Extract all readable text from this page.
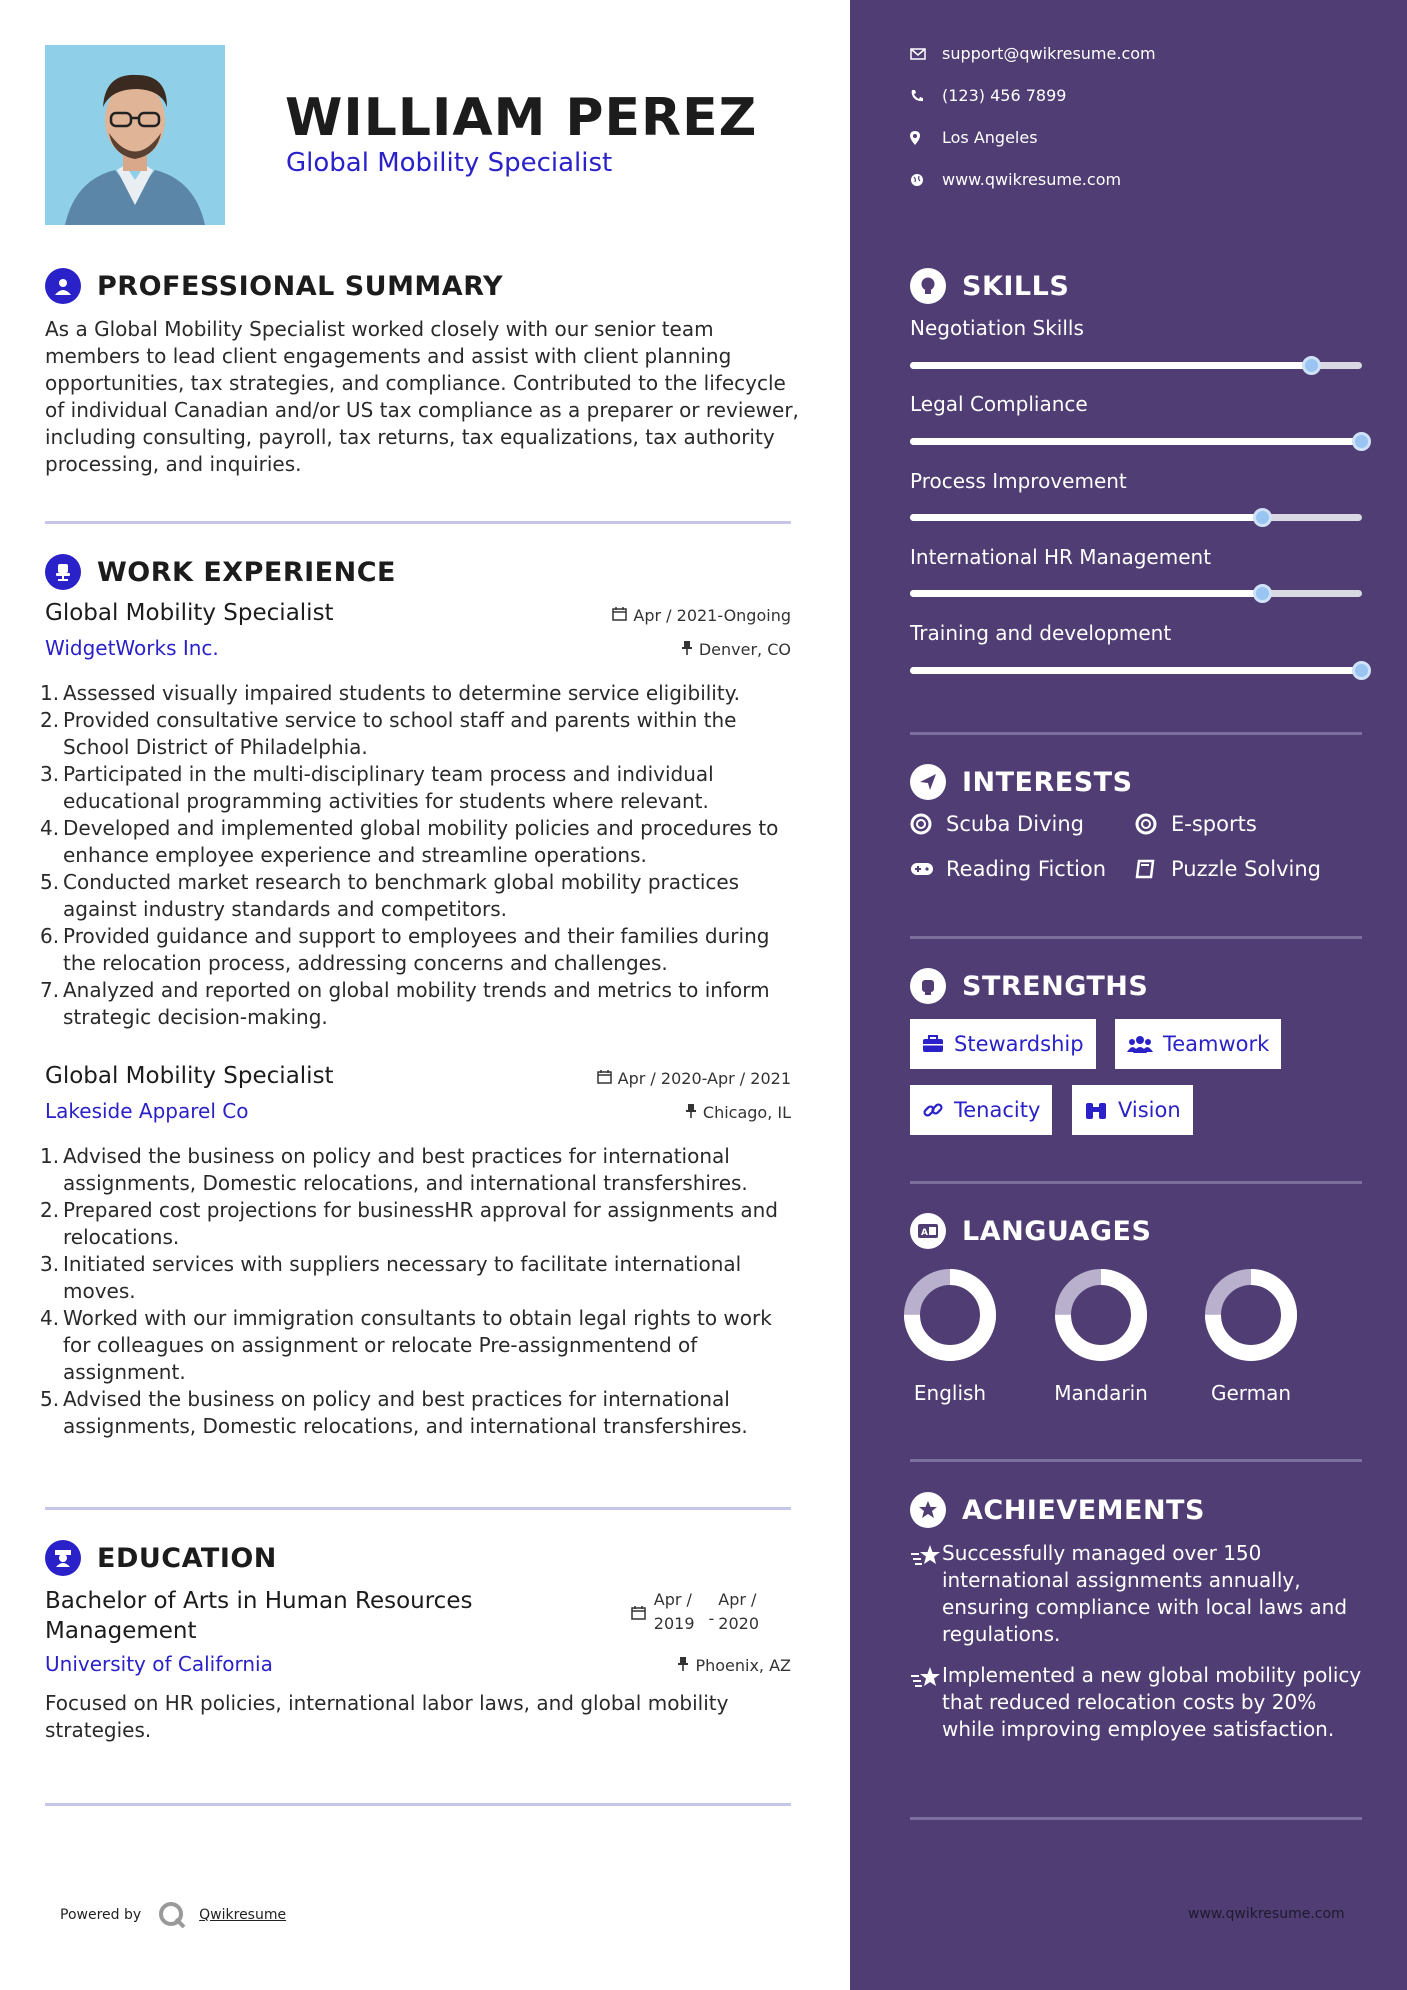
WILLIAM PEREZ
Global Mobility Specialist
PROFESSIONAL SUMMARY
As a Global Mobility Specialist worked closely with our senior team members to lead client engagements and assist with client planning opportunities, tax strategies, and compliance. Contributed to the lifecycle of individual Canadian and/or US tax compliance as a preparer or reviewer, including consulting, payroll, tax returns, tax equalizations, tax authority processing, and inquiries.
WORK EXPERIENCE
Global Mobility Specialist
WidgetWorks Inc.
Apr / 2021-Ongoing
Denver, CO
1. Assessed visually impaired students to determine service eligibility.
2. Provided consultative service to school staff and parents within the School District of Philadelphia.
3. Participated in the multi-disciplinary team process and individual educational programming activities for students where relevant.
4. Developed and implemented global mobility policies and procedures to enhance employee experience and streamline operations.
5. Conducted market research to benchmark global mobility practices against industry standards and competitors.
6. Provided guidance and support to employees and their families during the relocation process, addressing concerns and challenges.
7. Analyzed and reported on global mobility trends and metrics to inform strategic decision-making.
Global Mobility Specialist
Lakeside Apparel Co
Apr / 2020-Apr / 2021
Chicago, IL
1. Advised the business on policy and best practices for international assignments, Domestic relocations, and international transfershires.
2. Prepared cost projections for businessHR approval for assignments and relocations.
3. Initiated services with suppliers necessary to facilitate international moves.
4. Worked with our immigration consultants to obtain legal rights to work for colleagues on assignment or relocate Pre-assignmentend of assignment.
5. Advised the business on policy and best practices for international assignments, Domestic relocations, and international transfershires.
EDUCATION
Bachelor of Arts in Human Resources
Management
University of California
Apr /
2019 -
Apr /
2020
Phoenix, AZ
Focused on HR policies, international labor laws, and global mobility strategies.
Powered by	Qwikresume
support@qwikresume.com
(123) 456 7899
Los Angeles
www.qwikresume.com
SKILLS
Negotiation Skills
Legal Compliance
Process Improvement
International HR Management
Training and development
INTERESTS
Scuba Diving	E-sports
Reading Fiction	Puzzle Solving
STRENGTHS
Stewardship	Teamwork
Tenacity	Vision
A LANGUAGES
English	Mandarin	German
ACHIEVEMENTS
Successfully managed over 150 international assignments annually, ensuring compliance with local laws and regulations.
Implemented a new global mobility policy that reduced relocation costs by 20% while improving employee satisfaction.
www.qwikresume.com
